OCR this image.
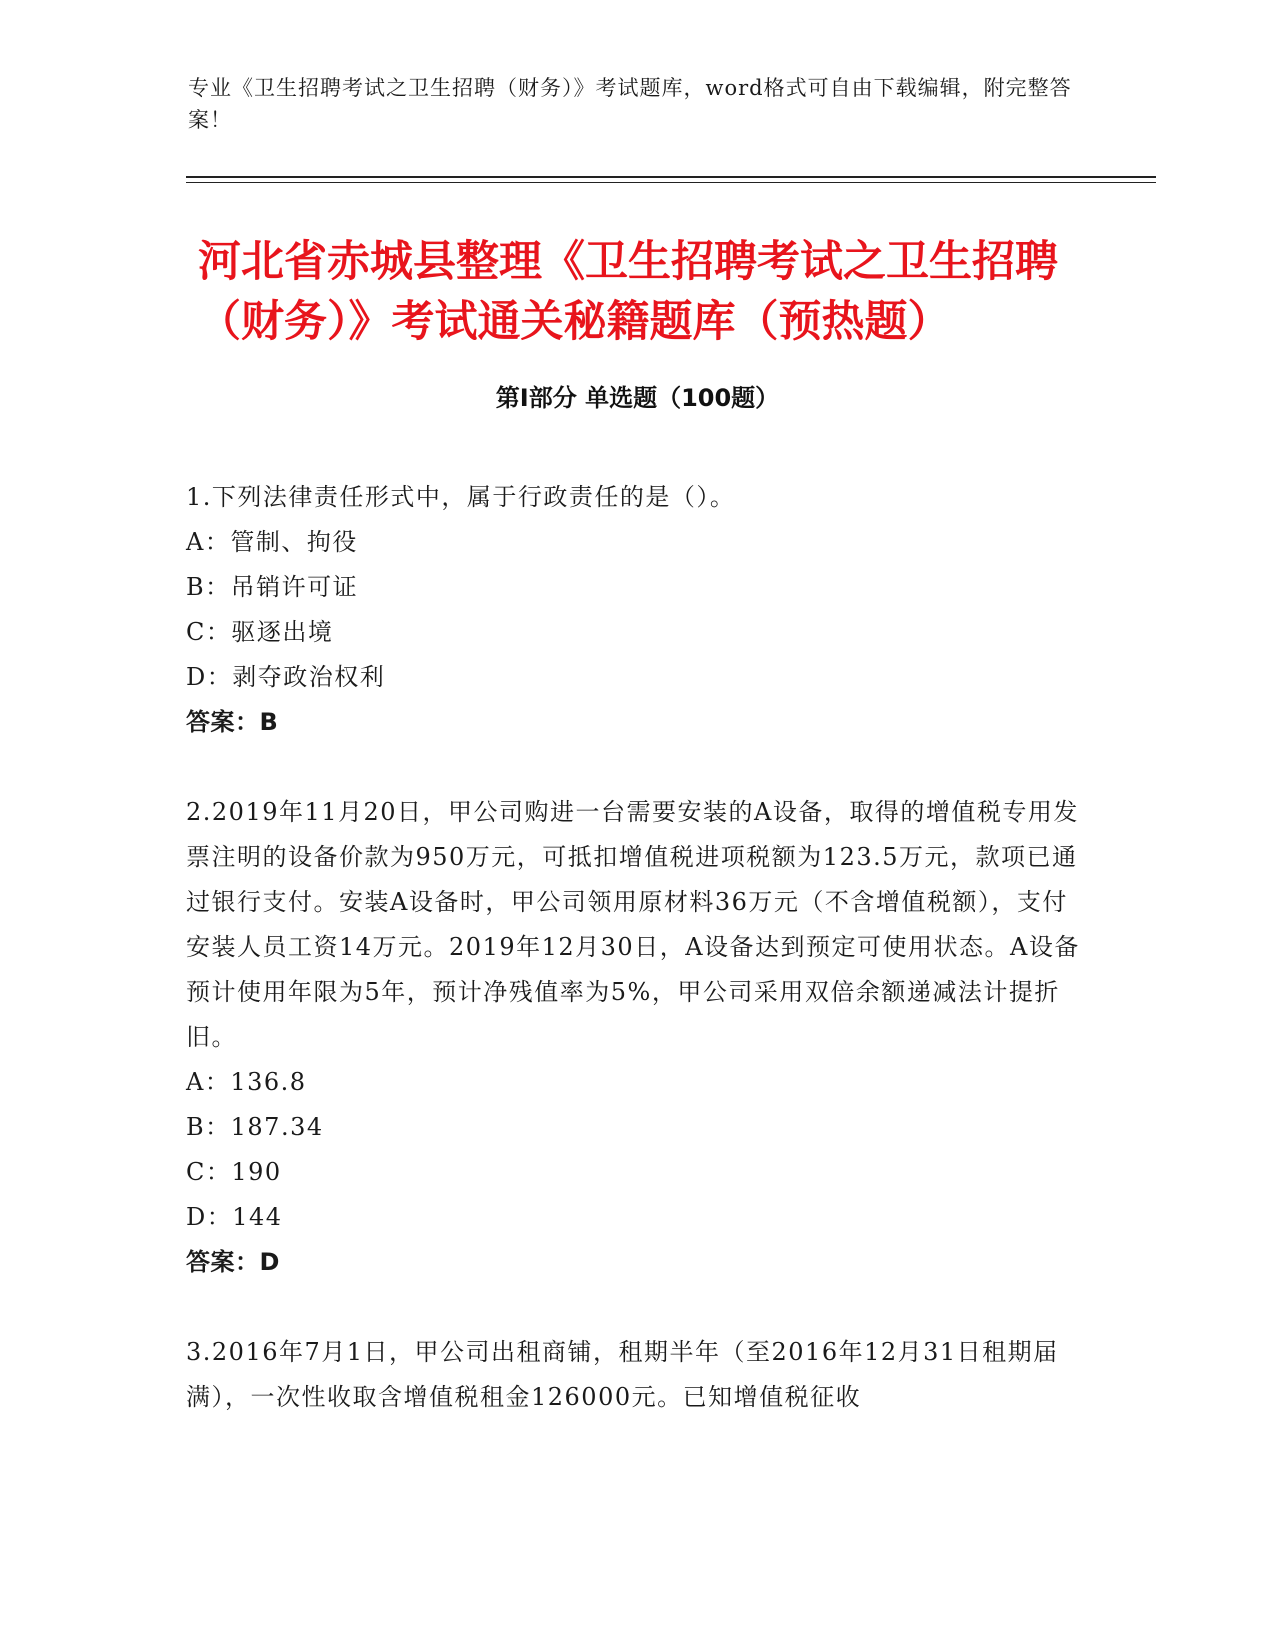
专业《卫生招聘考试之卫生招聘（财务）》考试题库，word格式可自由下载编辑，附完整答案！
河北省赤城县整理《卫生招聘考试之卫生招聘（财务）》考试通关秘籍题库（预热题）
第Ⅰ部分 单选题（100题）

1.下列法律责任形式中，属于行政责任的是（）。

A：管制、拘役

B：吊销许可证

C：驱逐出境

D：剥夺政治权利

答案：B

2.2019年11月20日，甲公司购进一台需要安装的A设备，取得的增值税专用发票注明的设备价款为950万元，可抵扣增值税进项税额为123.5万元，款项已通过银行支付。安装A设备时，甲公司领用原材料36万元（不含增值税额），支付安装人员工资14万元。2019年12月30日，A设备达到预定可使用状态。A设备预计使用年限为5年，预计净残值率为5%，甲公司采用双倍余额递减法计提折旧。

A：136.8

B：187.34

C：190

D：144

答案：D

3.2016年7月1日，甲公司出租商铺，租期半年（至2016年12月31日租期届满），一次性收取含增值税租金126000元。已知增值税征收
